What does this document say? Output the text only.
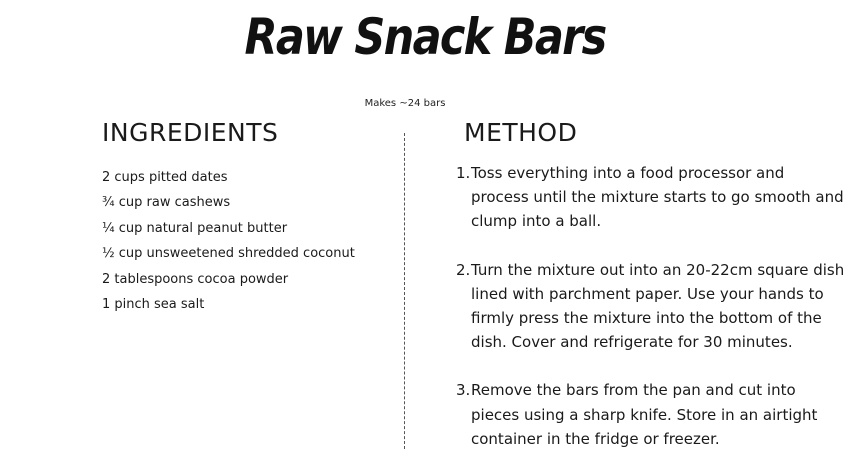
Raw Snack Bars
Makes ~24 bars
INGREDIENTS	METHOD
2 cups pitted dates
¾ cup raw cashews
¼ cup natural peanut butter
½ cup unsweetened shredded coconut
2 tablespoons cocoa powder
1 pinch sea salt
1. Toss everything into a food processor and process until the mixture starts to go smooth and clump into a ball.
2. Turn the mixture out into an 20-22cm square dish lined with parchment paper. Use your hands to firmly press the mixture into the bottom of the dish. Cover and refrigerate for 30 minutes.
3. Remove the bars from the pan and cut into pieces using a sharp knife. Store in an airtight container in the fridge or freezer.
